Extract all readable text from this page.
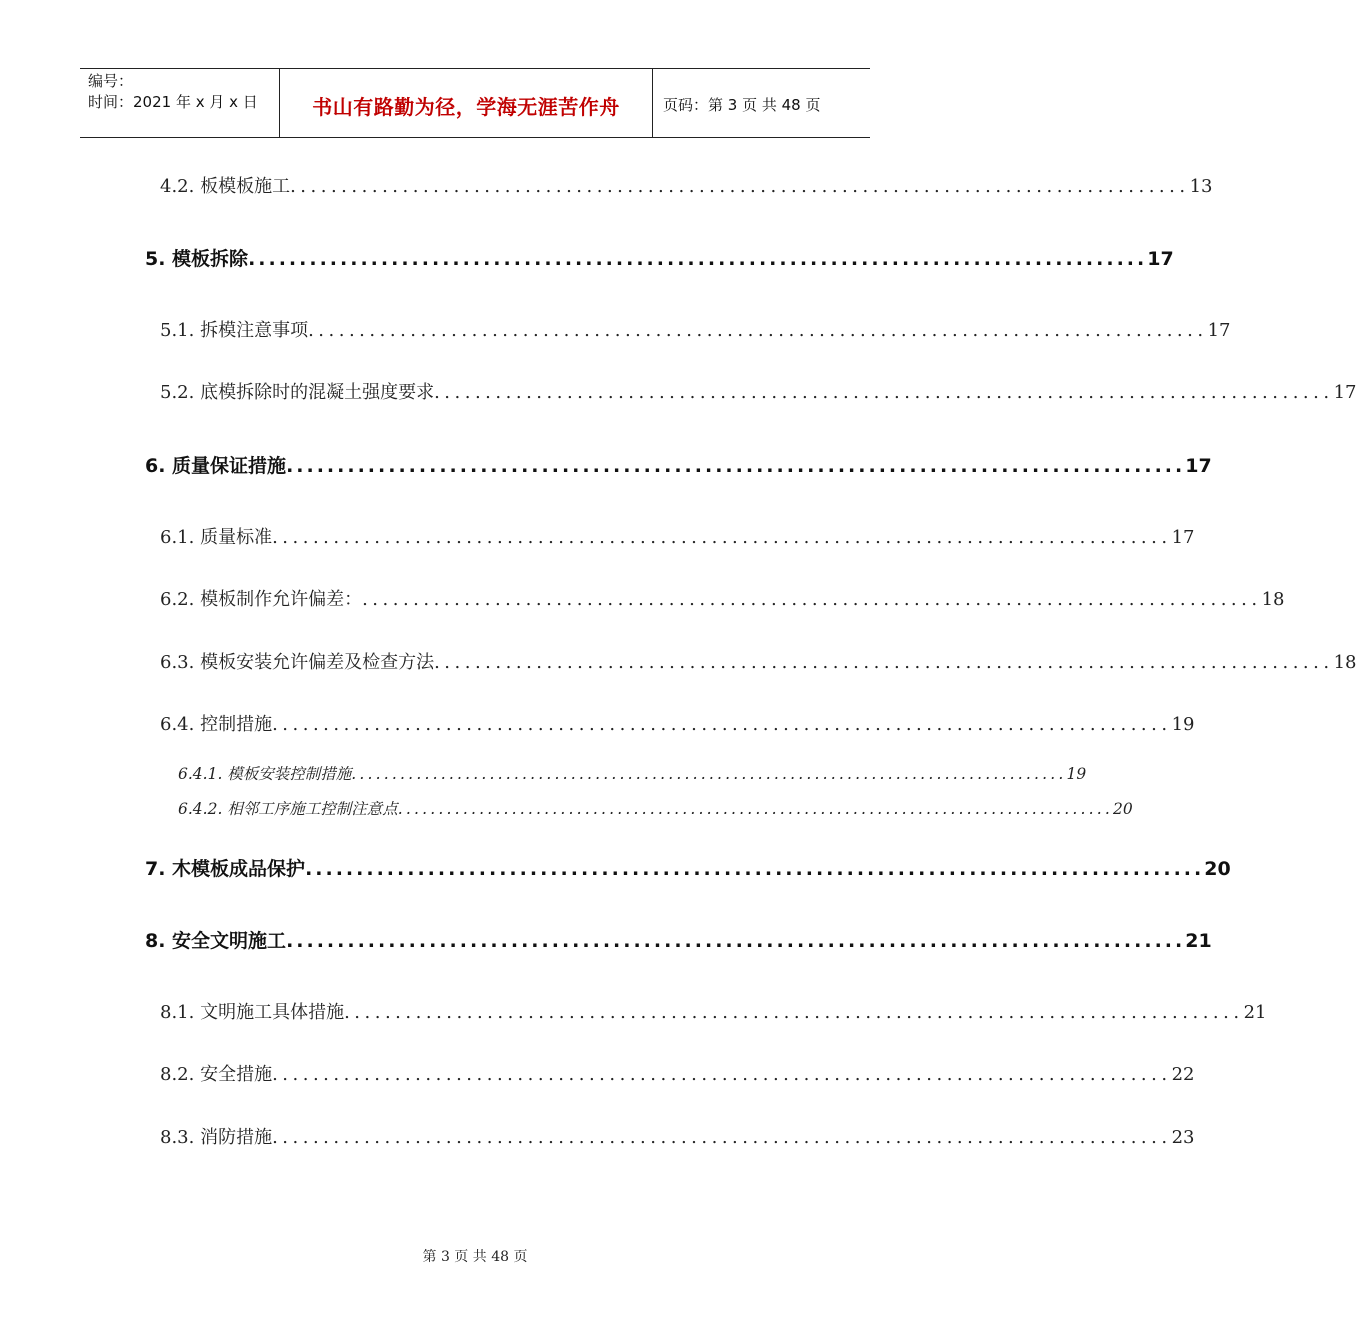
编号：
时间：2021 年 x 月 x 日	书山有路勤为径，学海无涯苦作舟	页码：第 3 页 共 48 页
4.2. 板模板施工 ........................................................................................ 13
5. 模板拆除 ........................................................................................ 17
5.1. 拆模注意事项 ........................................................................................ 17
5.2. 底模拆除时的混凝土强度要求 ........................................................................................ 17
6. 质量保证措施 ........................................................................................ 17
6.1. 质量标准 ........................................................................................ 17
6.2. 模板制作允许偏差： ........................................................................................ 18
6.3. 模板安装允许偏差及检查方法 ........................................................................................ 18
6.4. 控制措施 ........................................................................................ 19
6.4.1. 模板安装控制措施 ........................................................................................ 19
6.4.2. 相邻工序施工控制注意点 ........................................................................................ 20
7. 木模板成品保护 ........................................................................................ 20
8. 安全文明施工 ........................................................................................ 21
8.1. 文明施工具体措施 ........................................................................................ 21
8.2. 安全措施 ........................................................................................ 22
8.3. 消防措施 ........................................................................................ 23
第 3 页 共 48 页
